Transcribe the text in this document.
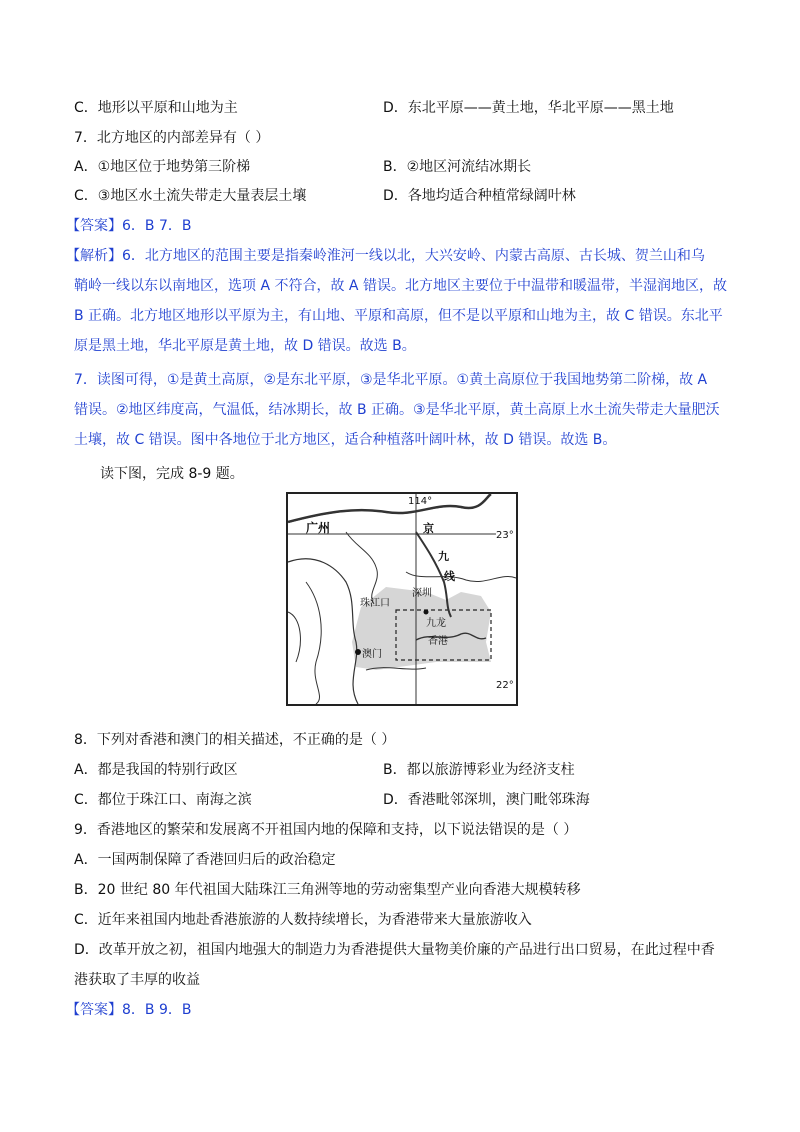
C．地形以平原和山地为主	D．东北平原——黄土地，华北平原——黑土地
7．北方地区的内部差异有（ ）
A．①地区位于地势第三阶梯	B．②地区河流结冰期长
C．③地区水土流失带走大量表层土壤	D．各地均适合种植常绿阔叶林
【答案】6．B 7．B
【解析】6．北方地区的范围主要是指秦岭淮河一线以北，大兴安岭、内蒙古高原、古长城、贺兰山和乌
鞘岭一线以东以南地区，选项 A 不符合，故 A 错误。北方地区主要位于中温带和暖温带，半湿润地区，故
B 正确。北方地区地形以平原为主，有山地、平原和高原，但不是以平原和山地为主，故 C 错误。东北平
原是黑土地，华北平原是黄土地，故 D 错误。故选 B。
7．读图可得，①是黄土高原，②是东北平原，③是华北平原。①黄土高原位于我国地势第二阶梯，故 A
错误。②地区纬度高，气温低，结冰期长，故 B 正确。③是华北平原，黄土高原上水土流失带走大量肥沃
土壤，故 C 错误。图中各地位于北方地区，适合种植落叶阔叶林，故 D 错误。故选 B。
读下图，完成 8-9 题。
114°
23°
22°
广州	京
九
线
深圳
珠江口
九龙
香港
澳门
8．下列对香港和澳门的相关描述，不正确的是（ ）
A．都是我国的特别行政区	B．都以旅游博彩业为经济支柱
C．都位于珠江口、南海之滨	D．香港毗邻深圳，澳门毗邻珠海
9．香港地区的繁荣和发展离不开祖国内地的保障和支持，以下说法错误的是（ ）
A．一国两制保障了香港回归后的政治稳定
B．20 世纪 80 年代祖国大陆珠江三角洲等地的劳动密集型产业向香港大规模转移
C．近年来祖国内地赴香港旅游的人数持续增长，为香港带来大量旅游收入
D．改革开放之初，祖国内地强大的制造力为香港提供大量物美价廉的产品进行出口贸易，在此过程中香
港获取了丰厚的收益
【答案】8．B 9．B
